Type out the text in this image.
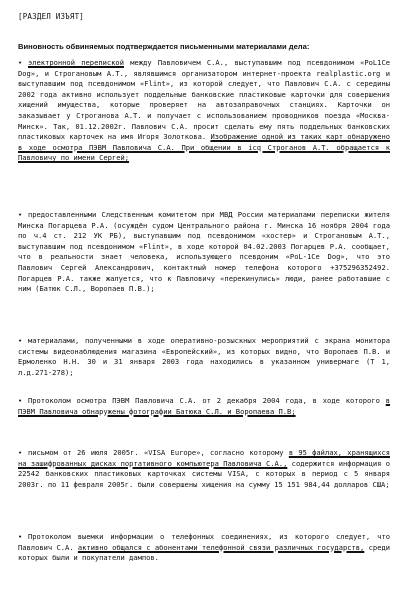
[РАЗДЕЛ ИЗЪЯТ]
Виновность обвиняемых подтверждается письменными материалами дела:
• электронной перепиской между Павловичем С.А., выступавшим под псевдонимом «PoL1Ce Dog», и Строгановым А.Т., являвшимся организатором интернет-проекта realplastic.org и выступавшим под псевдонимом «Flint», из которой следует, что Павлович С.А. с середины 2002 года активно использует поддельные банковские пластиковые карточки для совершения хищений имущества, которые проверяет на автозаправочных станциях. Карточки он заказывает у Строганова А.Т. и получает с использованием проводников поезда «Москва-Минск». Так, 01.12.2002г. Павлович С.А. просит сделать ему пять поддельных банковских пластиковых карточек на имя Игоря Золоткова. Изображение одной из таких карт обнаружено в ходе осмотра ПЭВМ Павловича С.А. При общении в icq Строганов А.Т. обращается к Павловичу по имени Сергей;
• предоставленными Следственным комитетом при МВД России материалами переписки жителя Минска Погарцева Р.А. (осуждён судом Центрального района г. Минска 16 ноября 2004 года по ч.4 ст. 212 УК РБ), выступавшим под псевдонимом «хостер» и Строгановым А.Т., выступавшим под псевдонимом «Flint», в ходе которой 04.02.2003 Погарцев Р.А. сообщает, что в реальности знает человека, использующего псевдоним «PoL-1Ce Dog», что это Павлович Сергей Александрович, контактный номер телефона которого +375296352492. Погарцев Р.А. также жалуется, что к Павловичу «перекинулись» люди, ранее работавшие с ним (Батюк С.Л., Воропаев П.В.);
• материалами, полученными в ходе оперативно-розыскных мероприятий с экрана монитора системы видеонаблюдения магазина «Европейский», из которых видно, что Воропаев П.В. и Ермоленко Н.Н. 30 и 31 января 2003 года находились в указанном универмаге (Т 1, л.д.271-278);
• Протоколом осмотра ПЭВМ Павловича С.А. от 2 декабря 2004 года, в ходе которого в ПЭВМ Павловича обнаружены фотографии Батюка С.Л. и Воропаева П.В;
• письмом от 26 июля 2005г. «VISA Europe», согласно которому в 95 файлах, хранящихся на зашифрованных дисках портативного компьютера Павловича С.А., содержится информация о 22542 банковских пластиковых карточках системы VISA, с которых в период с 5 января 2003г. по 11 февраля 2005г. были совершены хищения на сумму 15 151 984,44 долларов США;
• Протоколом выемки информации о телефонных соединениях, из которого следует, что Павлович С.А. активно общался с абонентами телефонной связи различных государств, среди которых были и покупатели дампов.
